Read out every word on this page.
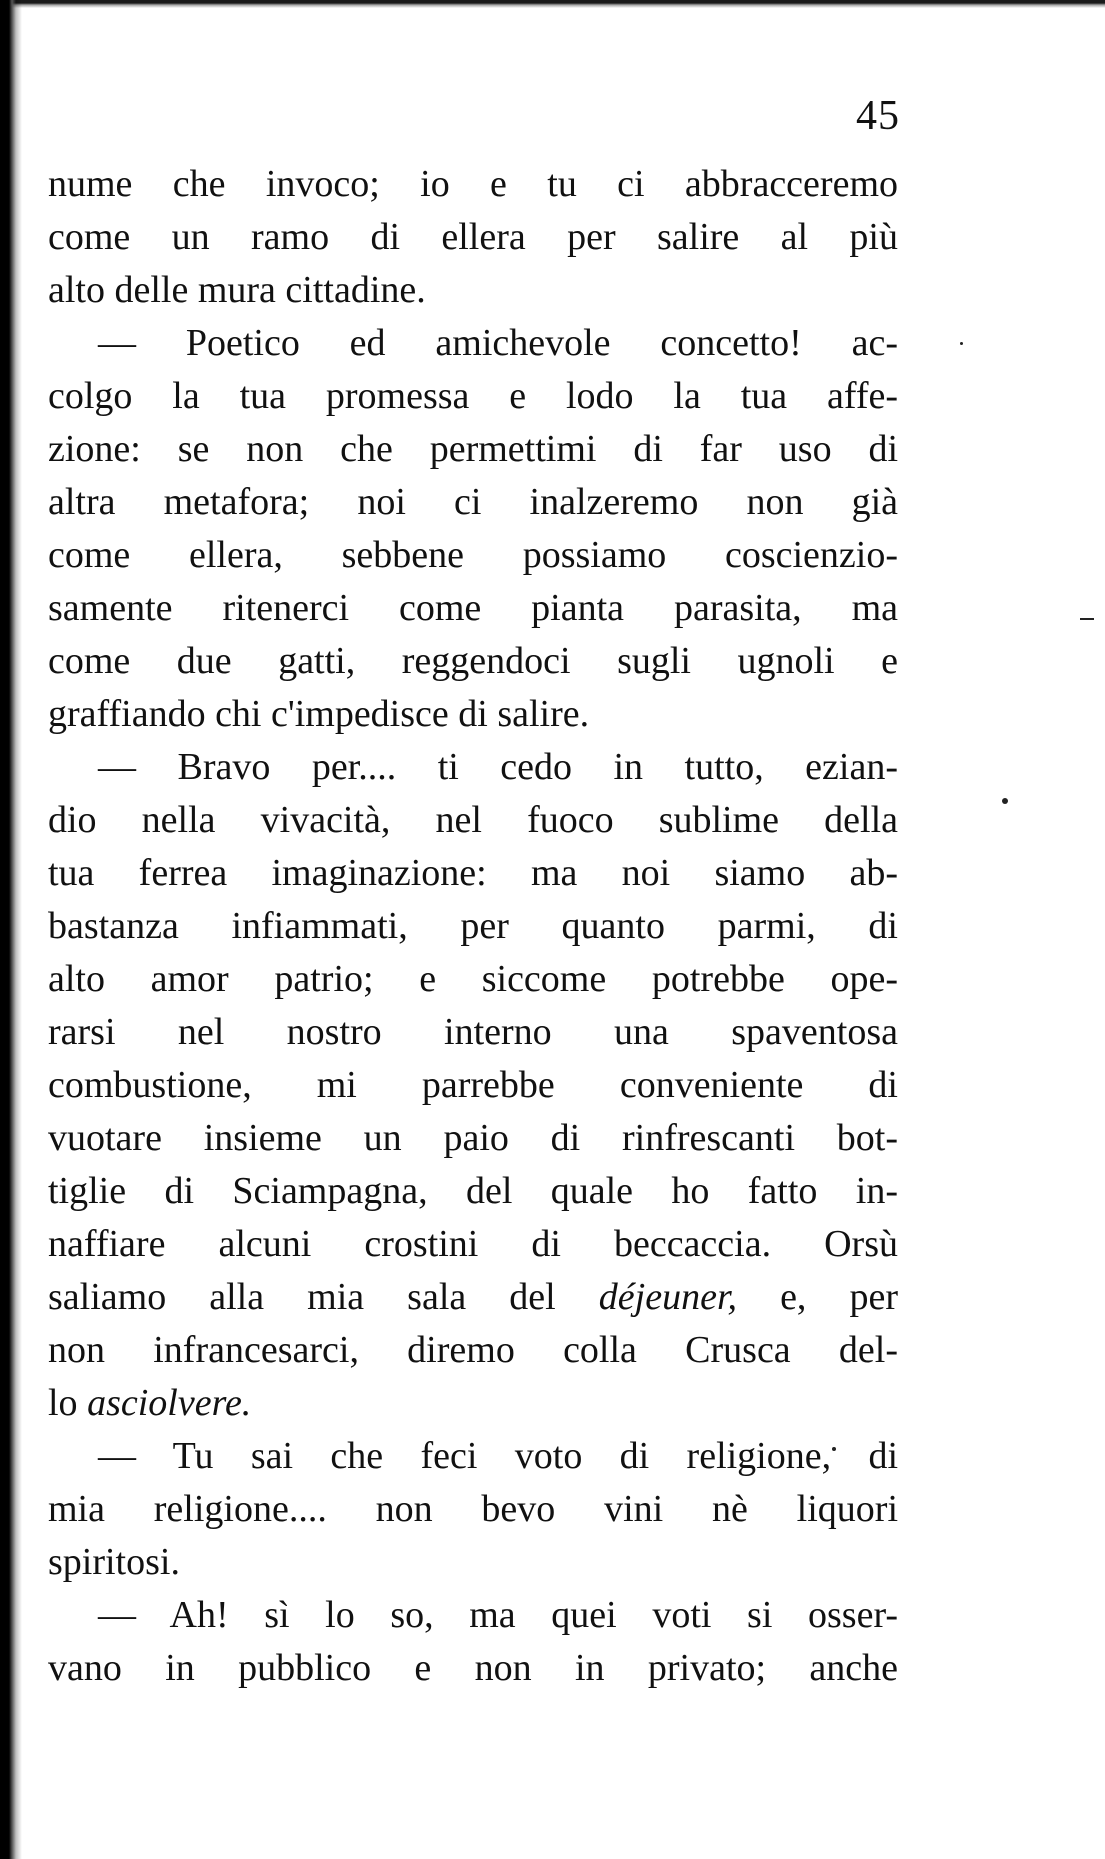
45
nume che invoco; io e tu ci abbracceremo
come un ramo di ellera per salire al più
alto delle mura cittadine.
— Poetico ed amichevole concetto! ac-
colgo la tua promessa e lodo la tua affe-
zione: se non che permettimi di far uso di
altra metafora; noi ci inalzeremo non già
come ellera, sebbene possiamo coscienzio-
samente ritenerci come pianta parasita, ma
come due gatti, reggendoci sugli ugnoli e
graffiando chi c'impedisce di salire.
— Bravo per.... ti cedo in tutto, ezian-
dio nella vivacità, nel fuoco sublime della
tua ferrea imaginazione: ma noi siamo ab-
bastanza infiammati, per quanto parmi, di
alto amor patrio; e siccome potrebbe ope-
rarsi nel nostro interno una spaventosa
combustione, mi parrebbe conveniente di
vuotare insieme un paio di rinfrescanti bot-
tiglie di Sciampagna, del quale ho fatto in-
naffiare alcuni crostini di beccaccia. Orsù
saliamo alla mia sala del déjeuner, e, per
non infrancesarci, diremo colla Crusca del-
lo asciolvere.
— Tu sai che feci voto di religione, di
mia religione.... non bevo vini nè liquori
spiritosi.
— Ah! sì lo so, ma quei voti si osser-
vano in pubblico e non in privato; anche
